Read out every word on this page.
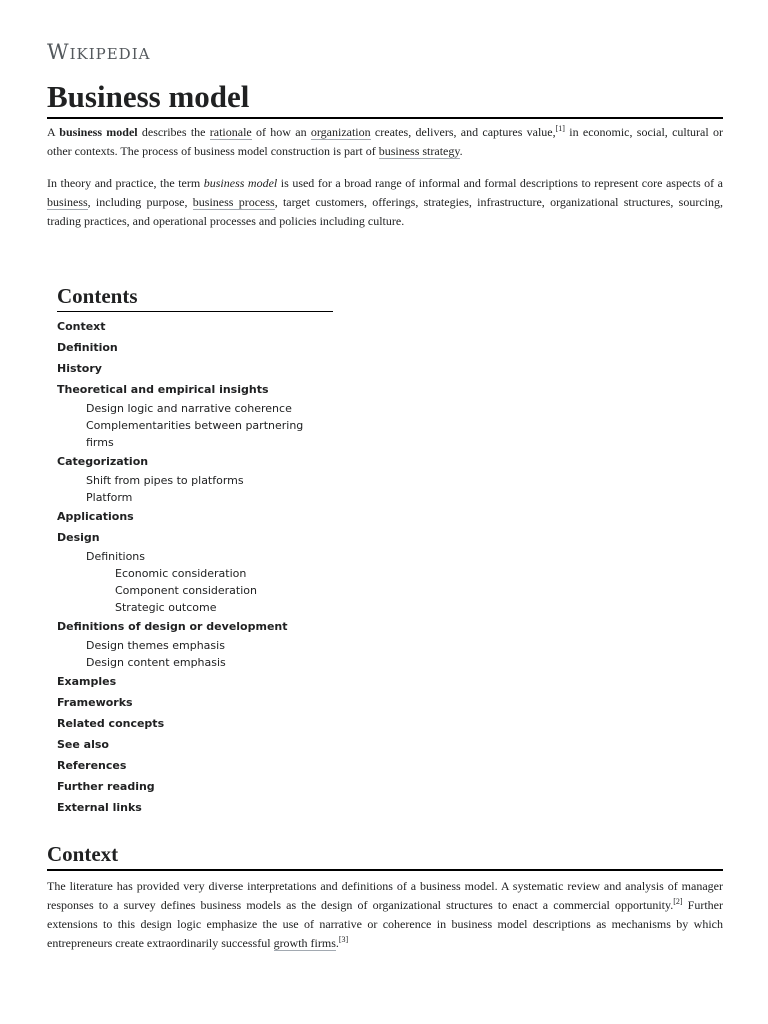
Wikipedia
Business model

A business model describes the rationale of how an organization creates, delivers, and captures value,[1] in economic, social, cultural or other contexts. The process of business model construction is part of business strategy.

In theory and practice, the term business model is used for a broad range of informal and formal descriptions to represent core aspects of a business, including purpose, business process, target customers, offerings, strategies, infrastructure, organizational structures, sourcing, trading practices, and operational processes and policies including culture.

Contents
Context
Definition
History
Theoretical and empirical insights
Design logic and narrative coherence
Complementarities between partnering firms
Categorization
Shift from pipes to platforms
Platform
Applications
Design
Definitions
Economic consideration
Component consideration
Strategic outcome
Definitions of design or development
Design themes emphasis
Design content emphasis
Examples
Frameworks
Related concepts
See also
References
Further reading
External links
Context

The literature has provided very diverse interpretations and definitions of a business model. A systematic review and analysis of manager responses to a survey defines business models as the design of organizational structures to enact a commercial opportunity.[2] Further extensions to this design logic emphasize the use of narrative or coherence in business model descriptions as mechanisms by which entrepreneurs create extraordinarily successful growth firms.[3]
